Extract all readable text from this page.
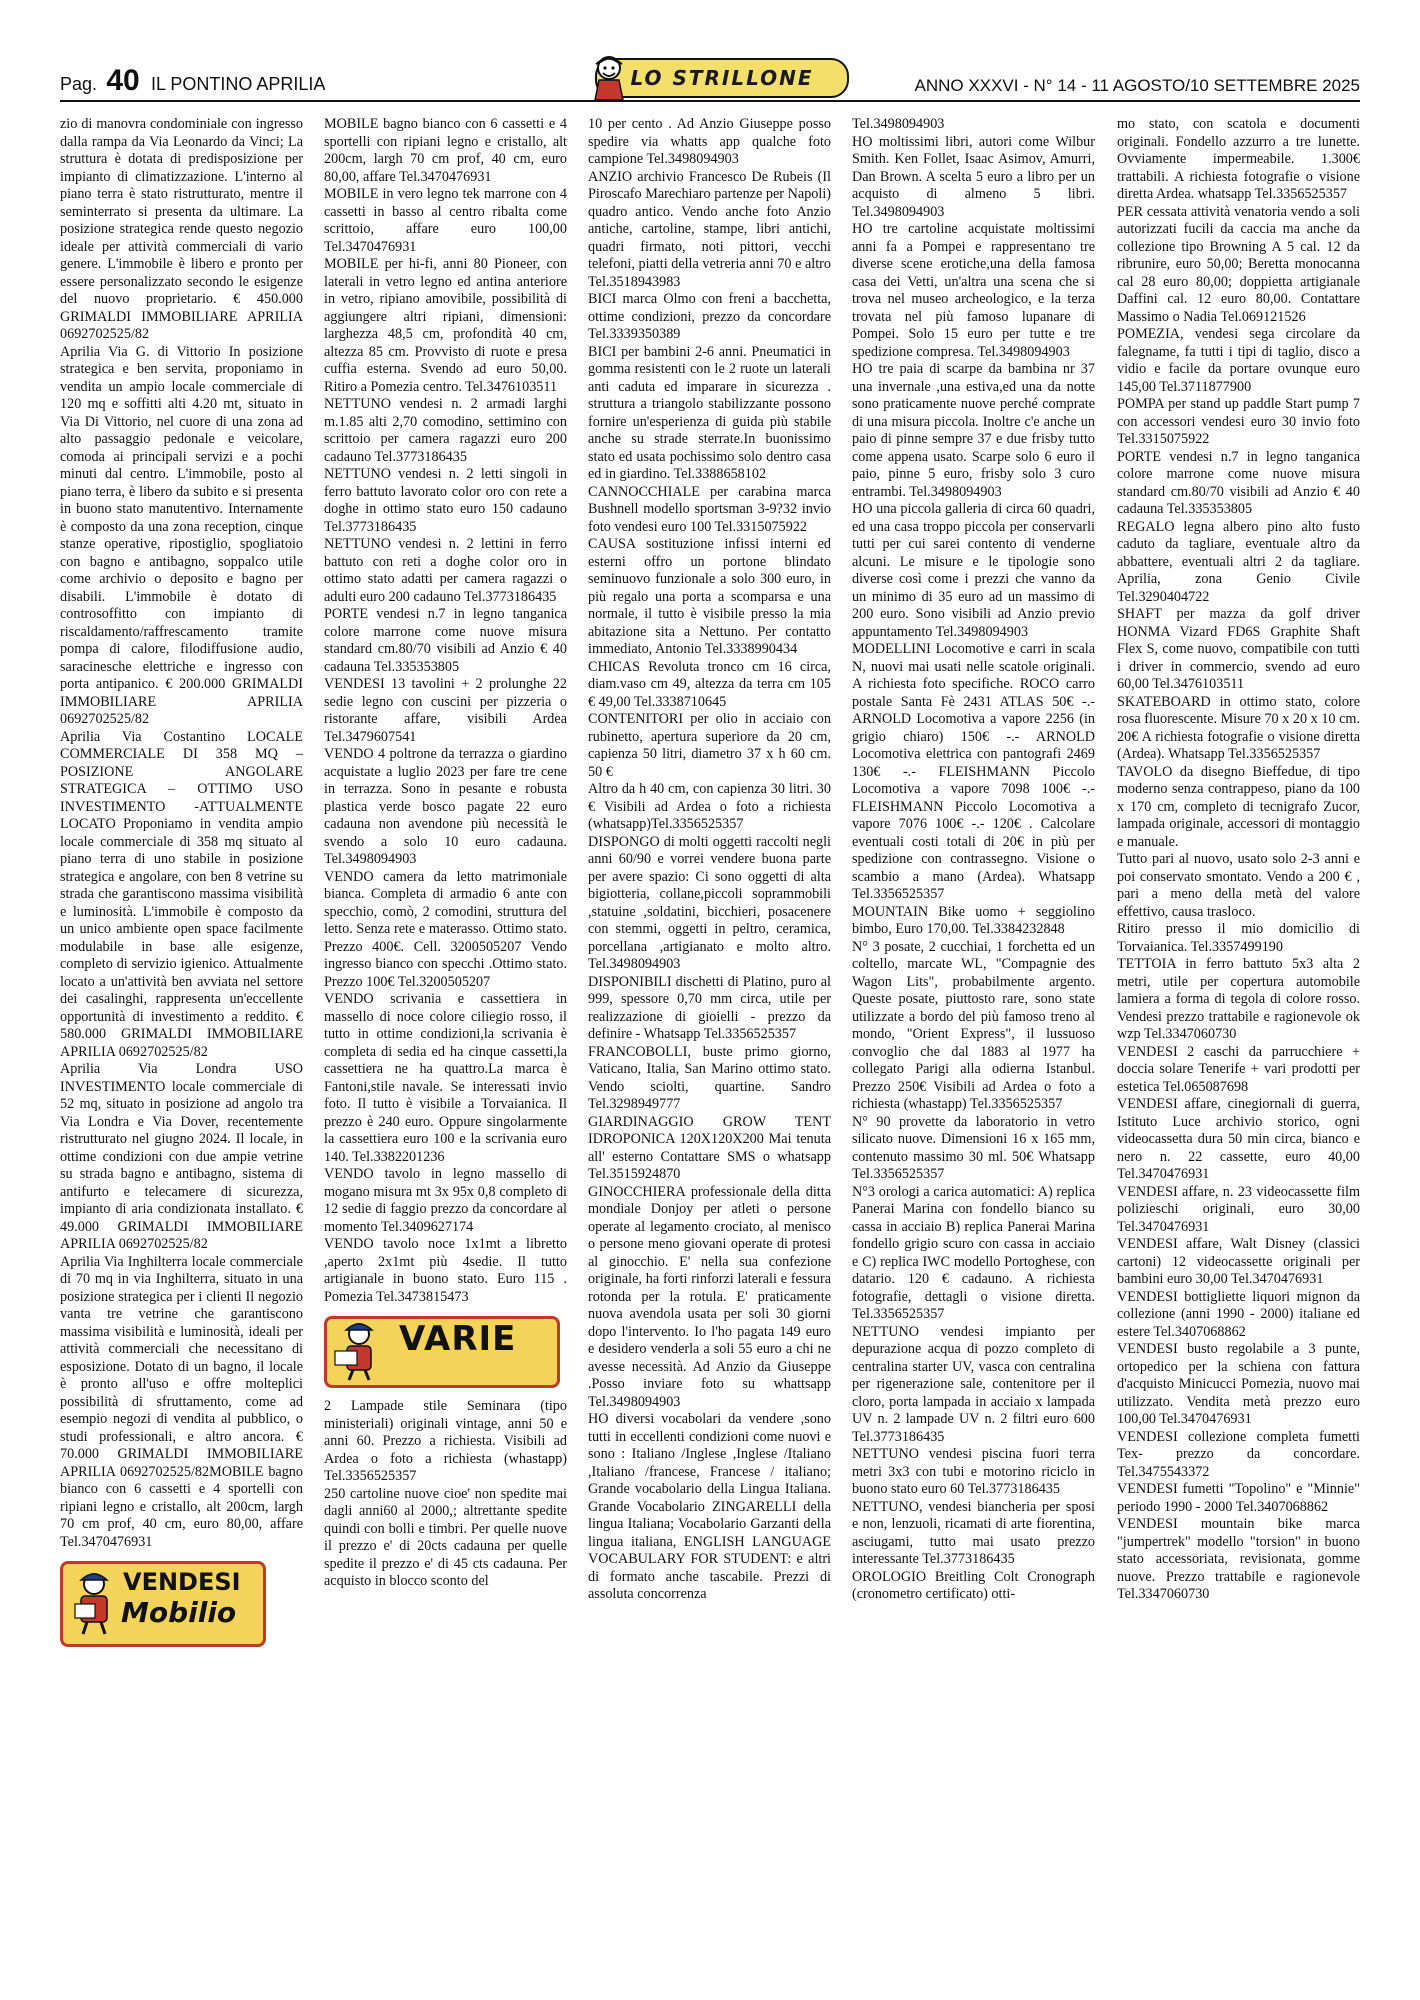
Pag. 40 IL PONTINO APRILIA	LO STRILLONE	ANNO XXXVI - N° 14 - 11 AGOSTO/10 SETTEMBRE 2025

zio di manovra condominiale con ingresso dalla rampa da Via Leonardo da Vinci; La struttura è dotata di predisposizione per impianto di climatizzazione. L'interno al piano terra è stato ristrutturato, mentre il seminterrato si presenta da ultimare. La posizione strategica rende questo negozio ideale per attività commerciali di vario genere. L'immobile è libero e pronto per essere personalizzato secondo le esigenze del nuovo proprietario. € 450.000 GRIMALDI IMMOBILIARE APRILIA 0692702525/82

Aprilia Via G. di Vittorio In posizione strategica e ben servita, proponiamo in vendita un ampio locale commerciale di 120 mq e soffitti alti 4.20 mt, situato in Via Di Vittorio, nel cuore di una zona ad alto passaggio pedonale e veicolare, comoda ai principali servizi e a pochi minuti dal centro. L'immobile, posto al piano terra, è libero da subito e si presenta in buono stato manutentivo. Internamente è composto da una zona reception, cinque stanze operative, ripostiglio, spogliatoio con bagno e antibagno, soppalco utile come archivio o deposito e bagno per disabili. L'immobile è dotato di controsoffitto con impianto di riscaldamento/raffrescamento tramite pompa di calore, filodiffusione audio, saracinesche elettriche e ingresso con porta antipanico. € 200.000 GRIMALDI IMMOBILIARE APRILIA 0692702525/82

Aprilia Via Costantino LOCALE COMMERCIALE DI 358 MQ – POSIZIONE ANGOLARE STRATEGICA – OTTIMO USO INVESTIMENTO -ATTUALMENTE LOCATO Proponiamo in vendita ampio locale commerciale di 358 mq situato al piano terra di uno stabile in posizione strategica e angolare, con ben 8 vetrine su strada che garantiscono massima visibilità e luminosità. L'immobile è composto da un unico ambiente open space facilmente modulabile in base alle esigenze, completo di servizio igienico. Attualmente locato a un'attività ben avviata nel settore dei casalinghi, rappresenta un'eccellente opportunità di investimento a reddito. € 580.000 GRIMALDI IMMOBILIARE APRILIA 0692702525/82

Aprilia Via Londra USO INVESTIMENTO locale commerciale di 52 mq, situato in posizione ad angolo tra Via Londra e Via Dover, recentemente ristrutturato nel giugno 2024. Il locale, in ottime condizioni con due ampie vetrine su strada bagno e antibagno, sistema di antifurto e telecamere di sicurezza, impianto di aria condizionata installato. € 49.000 GRIMALDI IMMOBILIARE APRILIA 0692702525/82

Aprilia Via Inghilterra locale commerciale di 70 mq in via Inghilterra, situato in una posizione strategica per i clienti Il negozio vanta tre vetrine che garantiscono massima visibilità e luminosità, ideali per attività commerciali che necessitano di esposizione. Dotato di un bagno, il locale è pronto all'uso e offre molteplici possibilità di sfruttamento, come ad esempio negozi di vendita al pubblico, o studi professionali, e altro ancora. € 70.000 GRIMALDI IMMOBILIARE APRILIA 0692702525/82MOBILE bagno bianco con 6 cassetti e 4 sportelli con ripiani legno e cristallo, alt 200cm, largh 70 cm prof, 40 cm, euro 80,00, affare Tel.3470476931

VENDESI
Mobilio

MOBILE bagno bianco con 6 cassetti e 4 sportelli con ripiani legno e cristallo, alt 200cm, largh 70 cm prof, 40 cm, euro 80,00, affare Tel.3470476931

MOBILE in vero legno tek marrone con 4 cassetti in basso al centro ribalta come scrittoio, affare euro 100,00 Tel.3470476931

MOBILE per hi-fi, anni 80 Pioneer, con laterali in vetro legno ed antina anteriore in vetro, ripiano amovibile, possibilità di aggiungere altri ripiani, dimensioni: larghezza 48,5 cm, profondità 40 cm, altezza 85 cm. Provvisto di ruote e presa cuffia esterna. Svendo ad euro 50,00. Ritiro a Pomezia centro. Tel.3476103511

NETTUNO vendesi n. 2 armadi larghi m.1.85 alti 2,70 comodino, settimino con scrittoio per camera ragazzi euro 200 cadauno Tel.3773186435

NETTUNO vendesi n. 2 letti singoli in ferro battuto lavorato color oro con rete a doghe in ottimo stato euro 150 cadauno Tel.3773186435

NETTUNO vendesi n. 2 lettini in ferro battuto con reti a doghe color oro in ottimo stato adatti per camera ragazzi o adulti euro 200 cadauno Tel.3773186435

PORTE vendesi n.7 in legno tanganica colore marrone come nuove misura standard cm.80/70 visibili ad Anzio € 40 cadauna Tel.335353805

VENDESI 13 tavolini + 2 prolunghe 22 sedie legno con cuscini per pizzeria o ristorante affare, visibili Ardea Tel.3479607541

VENDO 4 poltrone da terrazza o giardino acquistate a luglio 2023 per fare tre cene in terrazza. Sono in pesante e robusta plastica verde bosco pagate 22 euro cadauna non avendone più necessità le svendo a solo 10 euro cadauna. Tel.3498094903

VENDO camera da letto matrimoniale bianca. Completa di armadio 6 ante con specchio, comò, 2 comodini, struttura del letto. Senza rete e materasso. Ottimo stato. Prezzo 400€. Cell. 3200505207 Vendo ingresso bianco con specchi .Ottimo stato. Prezzo 100€ Tel.3200505207

VENDO scrivania e cassettiera in massello di noce colore ciliegio rosso, il tutto in ottime condizioni,la scrivania è completa di sedia ed ha cinque cassetti,la cassettiera ne ha quattro.La marca è Fantoni,stile navale. Se interessati invio foto. Il tutto è visibile a Torvaianica. Il prezzo è 240 euro. Oppure singolarmente la cassettiera euro 100 e la scrivania euro 140. Tel.3382201236

VENDO tavolo in legno massello di mogano misura mt 3x 95x 0,8 completo di 12 sedie di faggio prezzo da concordare al momento Tel.3409627174

VENDO tavolo noce 1x1mt a libretto ,aperto 2x1mt più 4sedie. Il tutto artigianale in buono stato. Euro 115 . Pomezia Tel.3473815473

VARIE

2 Lampade stile Seminara (tipo ministeriali) originali vintage, anni 50 e anni 60. Prezzo a richiesta. Visibili ad Ardea o foto a richiesta (whastapp) Tel.3356525357

250 cartoline nuove cioe' non spedite mai dagli anni60 al 2000,; altrettante spedite quindi con bolli e timbri. Per quelle nuove il prezzo e' di 20cts cadauna per quelle spedite il prezzo e' di 45 cts cadauna. Per acquisto in blocco sconto del

10 per cento . Ad Anzio Giuseppe posso spedire via whatts app qualche foto campione Tel.3498094903

ANZIO archivio Francesco De Rubeis (Il Piroscafo Marechiaro partenze per Napoli) quadro antico. Vendo anche foto Anzio antiche, cartoline, stampe, libri antichi, quadri firmato, noti pittori, vecchi telefoni, piatti della vetreria anni 70 e altro Tel.3518943983

BICI marca Olmo con freni a bacchetta, ottime condizioni, prezzo da concordare Tel.3339350389

BICI per bambini 2-6 anni. Pneumatici in gomma resistenti con le 2 ruote un laterali anti caduta ed imparare in sicurezza . struttura a triangolo stabilizzante possono fornire un'esperienza di guida più stabile anche su strade sterrate.In buonissimo stato ed usata pochissimo solo dentro casa ed in giardino. Tel.3388658102

CANNOCCHIALE per carabina marca Bushnell modello sportsman 3-9?32 invio foto vendesi euro 100 Tel.3315075922

CAUSA sostituzione infissi interni ed esterni offro un portone blindato seminuovo funzionale a solo 300 euro, in più regalo una porta a scomparsa e una normale, il tutto è visibile presso la mia abitazione sita a Nettuno. Per contatto immediato, Antonio Tel.3338990434

CHICAS Revoluta tronco cm 16 circa, diam.vaso cm 49, altezza da terra cm 105 € 49,00 Tel.3338710645

CONTENITORI per olio in acciaio con rubinetto, apertura superiore da 20 cm, capienza 50 litri, diametro 37 x h 60 cm. 50 €

Altro da h 40 cm, con capienza 30 litri. 30 € Visibili ad Ardea o foto a richiesta (whatsapp)Tel.3356525357

DISPONGO di molti oggetti raccolti negli anni 60/90 e vorrei vendere buona parte per avere spazio: Ci sono oggetti di alta bigiotteria, collane,piccoli soprammobili ,statuine ,soldatini, bicchieri, posacenere con stemmi, oggetti in peltro, ceramica, porcellana ,artigianato e molto altro. Tel.3498094903

DISPONIBILI dischetti di Platino, puro al 999, spessore 0,70 mm circa, utile per realizzazione di gioielli - prezzo da definire - Whatsapp Tel.3356525357

FRANCOBOLLI, buste primo giorno, Vaticano, Italia, San Marino ottimo stato. Vendo sciolti, quartine. Sandro Tel.3298949777

GIARDINAGGIO GROW TENT IDROPONICA 120X120X200 Mai tenuta all' esterno Contattare SMS o whatsapp Tel.3515924870

GINOCCHIERA professionale della ditta mondiale Donjoy per atleti o persone operate al legamento crociato, al menisco o persone meno giovani operate di protesi al ginocchio. E' nella sua confezione originale, ha forti rinforzi laterali e fessura rotonda per la rotula. E' praticamente nuova avendola usata per soli 30 giorni dopo l'intervento. Io l'ho pagata 149 euro e desidero venderla a soli 55 euro a chi ne avesse necessità. Ad Anzio da Giuseppe .Posso inviare foto su whattsapp Tel.3498094903

HO diversi vocabolari da vendere ,sono tutti in eccellenti condizioni come nuovi e sono : Italiano /Inglese ,Inglese /Italiano ,Italiano /francese, Francese / italiano; Grande vocabolario della Lingua Italiana. Grande Vocabolario ZINGARELLI della lingua Italiana; Vocabolario Garzanti della lingua italiana, ENGLISH LANGUAGE VOCABULARY FOR STUDENT: e altri di formato anche tascabile. Prezzi di assoluta concorrenza

Tel.3498094903

HO moltissimi libri, autori come Wilbur Smith. Ken Follet, Isaac Asimov, Amurri, Dan Brown. A scelta 5 euro a libro per un acquisto di almeno 5 libri. Tel.3498094903

HO tre cartoline acquistate moltissimi anni fa a Pompei e rappresentano tre diverse scene erotiche,una della famosa casa dei Vetti, un'altra una scena che si trova nel museo archeologico, e la terza trovata nel più famoso lupanare di Pompei. Solo 15 euro per tutte e tre spedizione compresa. Tel.3498094903

HO tre paia di scarpe da bambina nr 37 una invernale ,una estiva,ed una da notte sono praticamente nuove perché comprate di una misura piccola. Inoltre c'e anche un paio di pinne sempre 37 e due frisby tutto come appena usato. Scarpe solo 6 euro il paio, pinne 5 euro, frisby solo 3 curo entrambi. Tel.3498094903

HO una piccola galleria di circa 60 quadri, ed una casa troppo piccola per conservarli tutti per cui sarei contento di venderne alcuni. Le misure e le tipologie sono diverse così come i prezzi che vanno da un minimo di 35 euro ad un massimo di 200 euro. Sono visibili ad Anzio previo appuntamento Tel.3498094903

MODELLINI Locomotive e carri in scala N, nuovi mai usati nelle scatole originali. A richiesta foto specifiche. ROCO carro postale Santa Fè 2431 ATLAS 50€ -.- ARNOLD Locomotiva a vapore 2256 (in grigio chiaro) 150€ -.- ARNOLD Locomotiva elettrica con pantografi 2469 130€ -.- FLEISHMANN Piccolo Locomotiva a vapore 7098 100€ -.- FLEISHMANN Piccolo Locomotiva a vapore 7076 100€ -.- 120€ . Calcolare eventuali costi totali di 20€ in più per spedizione con contrassegno. Visione o scambio a mano (Ardea). Whatsapp Tel.3356525357

MOUNTAIN Bike uomo + seggiolino bimbo, Euro 170,00. Tel.3384232848

N° 3 posate, 2 cucchiai, 1 forchetta ed un coltello, marcate WL, "Compagnie des Wagon Lits", probabilmente argento. Queste posate, piuttosto rare, sono state utilizzate a bordo del più famoso treno al mondo, "Orient Express", il lussuoso convoglio che dal 1883 al 1977 ha collegato Parigi alla odierna Istanbul. Prezzo 250€ Visibili ad Ardea o foto a richiesta (whastapp) Tel.3356525357

N° 90 provette da laboratorio in vetro silicato nuove. Dimensioni 16 x 165 mm, contenuto massimo 30 ml. 50€ Whatsapp Tel.3356525357

N°3 orologi a carica automatici: A) replica Panerai Marina con fondello bianco su cassa in acciaio B) replica Panerai Marina fondello grigio scuro con cassa in acciaio e C) replica IWC modello Portoghese, con datario. 120 € cadauno. A richiesta fotografie, dettagli o visione diretta. Tel.3356525357

NETTUNO vendesi impianto per depurazione acqua di pozzo completo di centralina starter UV, vasca con centralina per rigenerazione sale, contenitore per il cloro, porta lampada in acciaio x lampada UV n. 2 lampade UV n. 2 filtri euro 600 Tel.3773186435

NETTUNO vendesi piscina fuori terra metri 3x3 con tubi e motorino riciclo in buono stato euro 60 Tel.3773186435

NETTUNO, vendesi biancheria per sposi e non, lenzuoli, ricamati di arte fiorentina, asciugami, tutto mai usato prezzo interessante Tel.3773186435

OROLOGIO Breitling Colt Cronograph (cronometro certificato) otti-

mo stato, con scatola e documenti originali. Fondello azzurro a tre lunette. Ovviamente impermeabile. 1.300€ trattabili. A richiesta fotografie o visione diretta Ardea. whatsapp Tel.3356525357

PER cessata attività venatoria vendo a soli autorizzati fucili da caccia ma anche da collezione tipo Browning A 5 cal. 12 da ribrunire, euro 50,00; Beretta monocanna cal 28 euro 80,00; doppietta artigianale Daffini cal. 12 euro 80,00. Contattare Massimo o Nadia Tel.069121526

POMEZIA, vendesi sega circolare da falegname, fa tutti i tipi di taglio, disco a vidio e facile da portare ovunque euro 145,00 Tel.3711877900

POMPA per stand up paddle Start pump 7 con accessori vendesi euro 30 invio foto Tel.3315075922

PORTE vendesi n.7 in legno tanganica colore marrone come nuove misura standard cm.80/70 visibili ad Anzio € 40 cadauna Tel.335353805

REGALO legna albero pino alto fusto caduto da tagliare, eventuale altro da abbattere, eventuali altri 2 da tagliare. Aprilia, zona Genio Civile Tel.3290404722

SHAFT per mazza da golf driver HONMA Vizard FD6S Graphite Shaft Flex S, come nuovo, compatibile con tutti i driver in commercio, svendo ad euro 60,00 Tel.3476103511

SKATEBOARD in ottimo stato, colore rosa fluorescente. Misure 70 x 20 x 10 cm. 20€ A richiesta fotografie o visione diretta (Ardea). Whatsapp Tel.3356525357

TAVOLO da disegno Bieffedue, di tipo moderno senza contrappeso, piano da 100 x 170 cm, completo di tecnigrafo Zucor, lampada originale, accessori di montaggio e manuale.

Tutto pari al nuovo, usato solo 2-3 anni e poi conservato smontato. Vendo a 200 € , pari a meno della metà del valore effettivo, causa trasloco.

Ritiro presso il mio domicilio di Torvaianica. Tel.3357499190

TETTOIA in ferro battuto 5x3 alta 2 metri, utile per copertura automobile lamiera a forma di tegola di colore rosso. Vendesi prezzo trattabile e ragionevole ok wzp Tel.3347060730

VENDESI 2 caschi da parrucchiere + doccia solare Tenerife + vari prodotti per estetica Tel.065087698

VENDESI affare, cinegiornali di guerra, Istituto Luce archivio storico, ogni videocassetta dura 50 min circa, bianco e nero n. 22 cassette, euro 40,00 Tel.3470476931

VENDESI affare, n. 23 videocassette film polizieschi originali, euro 30,00 Tel.3470476931

VENDESI affare, Walt Disney (classici cartoni) 12 videocassette originali per bambini euro 30,00 Tel.3470476931

VENDESI bottigliette liquori mignon da collezione (anni 1990 - 2000) italiane ed estere Tel.3407068862

VENDESI busto regolabile a 3 punte, ortopedico per la schiena con fattura d'acquisto Minicucci Pomezia, nuovo mai utilizzato. Vendita metà prezzo euro 100,00 Tel.3470476931

VENDESI collezione completa fumetti Tex- prezzo da concordare. Tel.3475543372

VENDESI fumetti "Topolino" e "Minnie" periodo 1990 - 2000 Tel.3407068862

VENDESI mountain bike marca "jumpertrek" modello "torsion" in buono stato accessoriata, revisionata, gomme nuove. Prezzo trattabile e ragionevole Tel.3347060730
